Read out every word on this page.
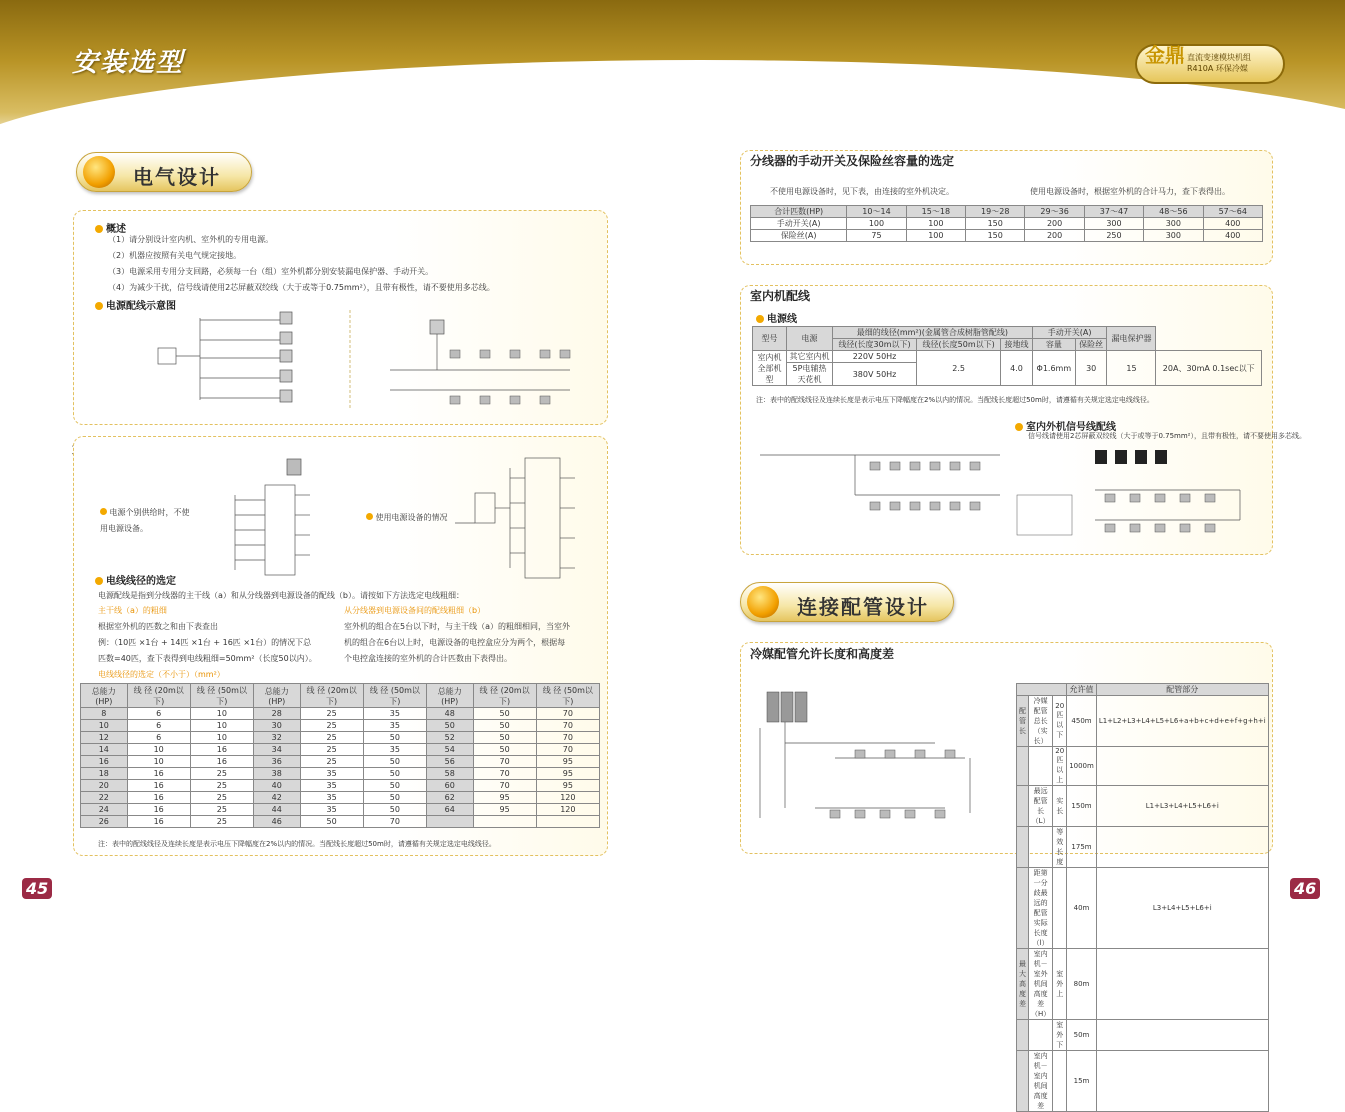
安装选型	金鼎 直流变速模块机组
R410A 环保冷媒
电气设计
概述
（1）请分别设计室内机、室外机的专用电源。
（2）机器应按照有关电气规定接地。
（3）电源采用专用分支回路，必须每一台（组）室外机都分别安装漏电保护器、手动开关。
（4）为减少干扰，信号线请使用2芯屏蔽双绞线（大于或等于0.75mm²），且带有极性，请不要使用多芯线。
电源配线示意图
电源个别供给时，不使用电源设备。
使用电源设备的情况
电线线径的选定
电源配线是指到分线器的主干线（a）和从分线器到电源设备的配线（b）。请按如下方法选定电线粗细：
主干线（a）的粗细
根据室外机的匹数之和由下表查出
例：（10匹 ×1台 + 14匹 ×1台 + 16匹 ×1台）的情况下总
匹数=40匹，查下表得到电线粗细=50mm²（长度50以内）。
从分线器到电源设备间的配线粗细（b）
室外机的组合在5台以下时，与主干线（a）的粗细相同，当室外
机的组合在6台以上时，电源设备的电控盒应分为两个，根据每
个电控盒连接的室外机的合计匹数由下表得出。
电线线径的选定（不小于）（mm²）
总能力 (HP)	线 径 (20m以下)	线 径 (50m以下)	总能力 (HP)	线 径 (20m以下)	线 径 (50m以下)	总能力 (HP)	线 径 (20m以下)	线 径 (50m以下)
8	6	10	28	25	35	48	50	70
10	6	10	30	25	35	50	50	70
12	6	10	32	25	50	52	50	70
14	10	16	34	25	35	54	50	70
16	10	16	36	25	50	56	70	95
18	16	25	38	35	50	58	70	95
20	16	25	40	35	50	60	70	95
22	16	25	42	35	50	62	95	120
24	16	25	44	35	50	64	95	120
26	16	25	46	50	70			
注：表中的配线线径及连续长度是表示电压下降幅度在2%以内的情况。当配线长度超过50m时，请遵循有关规定选定电线线径。
45
分线器的手动开关及保险丝容量的选定
不使用电源设备时，见下表，由连接的室外机决定。	使用电源设备时，根据室外机的合计马力，查下表得出。
合计匹数(HP)	10～14	15～18	19～28	29～36	37～47	48～56	57～64
手动开关(A)	100	100	150	200	300	300	400
保险丝(A)	75	100	150	200	250	300	400
室内机配线
电源线
型号	电源	最细的线径(mm²)(金属管合成树脂管配线)			手动开关(A)		漏电保护器	
		线径(长度30m以下)	线径(长度50m以下)	接地线	容量	保险丝		
室内机全部机型	其它室内机	220V 50Hz	2.5	4.0	Φ1.6mm	30	15	20A、30mA 0.1sec以下
	5P电辅热天花机	380V 50Hz						
注：表中的配线线径及连续长度是表示电压下降幅度在2%以内的情况。当配线长度超过50m时，请遵循有关规定选定电线线径。
室内外机信号线配线
信号线请使用2芯屏蔽双绞线（大于或等于0.75mm²），且带有极性，请不要使用多芯线。
连接配管设计
冷媒配管允许长度和高度差
			允许值	配管部分
配管长	冷媒配管总长（实长）	20匹以下	450m	L1+L2+L3+L4+L5+L6+a+b+c+d+e+f+g+h+i
		20匹以上	1000m	
	最远配管长（L）	实长	150m	L1+L3+L4+L5+L6+i
		等效长度	175m	
	距第一分歧最远的配管实际长度（l）		40m	L3+L4+L5+L6+i
最大高度差	室内机－室外机间高度差（H）	室外上	80m	
		室外下	50m	
	室内机－室内机间高度差		15m	
46
